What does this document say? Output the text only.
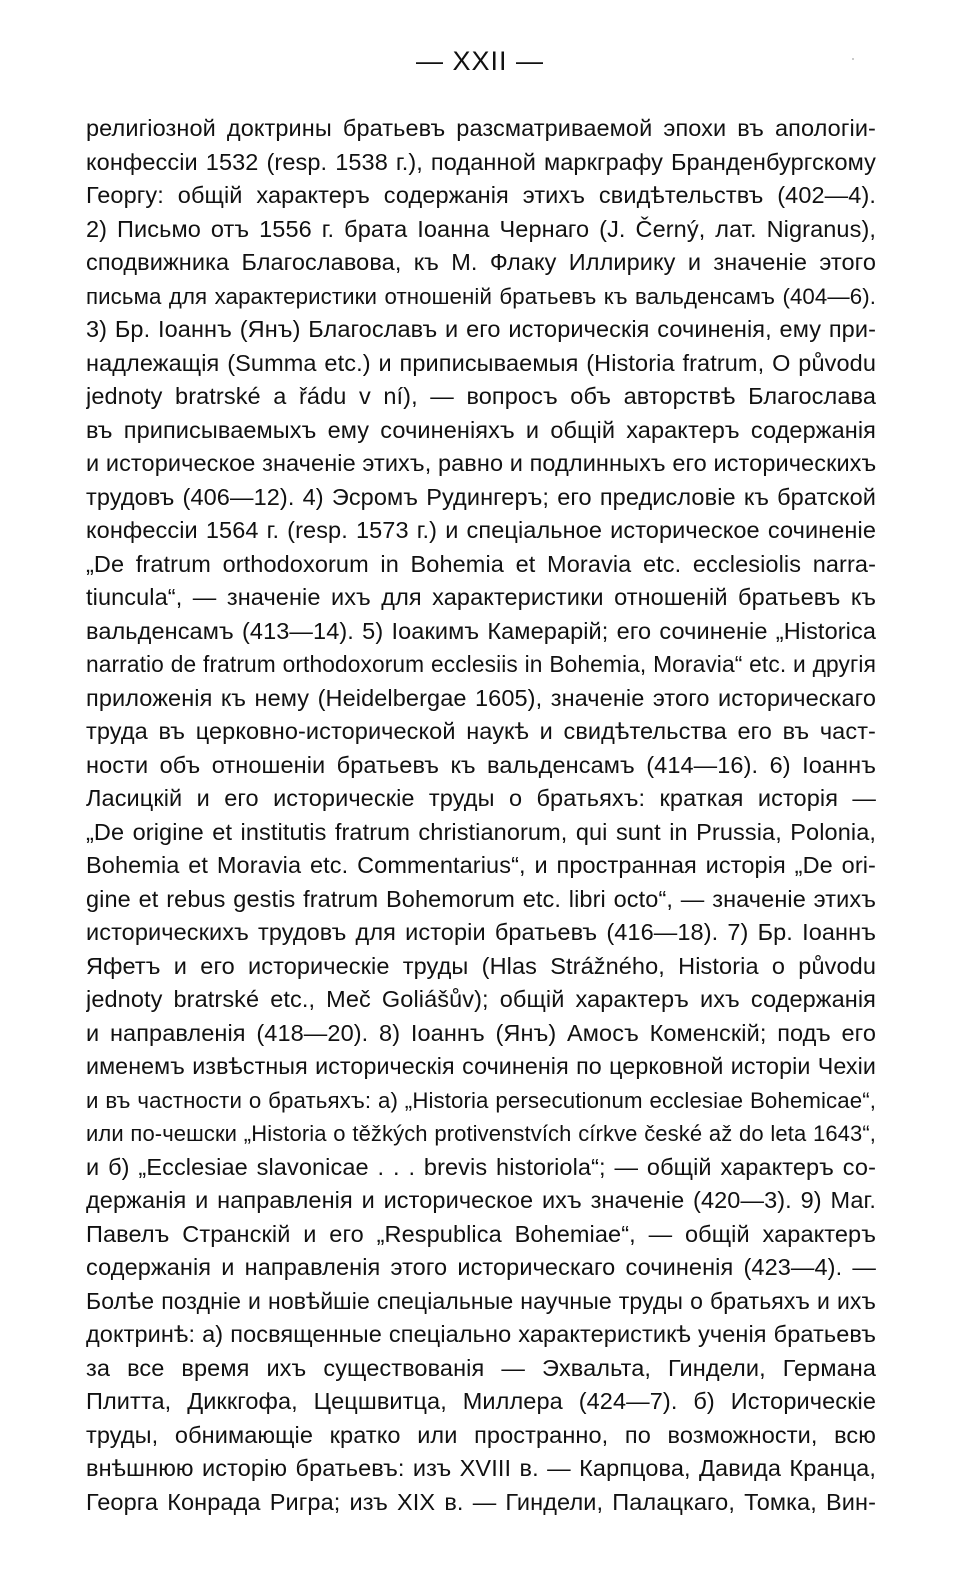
— XXII —
религіозной доктрины братьевъ разсматриваемой эпохи въ апологіи-
конфессіи 1532 (resp. 1538 г.), поданной маркграфу Бранденбургскому
Георгу: общій характеръ содержанія этихъ свидѣтельствъ (402—4).
2) Письмо отъ 1556 г. брата Іоанна Чернаго (J. Černý, лат. Nigranus),
сподвижника Благославова, къ М. Флаку Иллирику и значеніе этого
письма для характеристики отношеній братьевъ къ вальденсамъ (404—6).
3) Бр. Іоаннъ (Янъ) Благославъ и его историческія сочиненія, ему при-
надлежащія (Summa etc.) и приписываемыя (Historia fratrum, O původu
jednoty bratrské a řádu v ní), — вопросъ объ авторствѣ Благослава
въ приписываемыхъ ему сочиненіяхъ и общій характеръ содержанія
и историческое значеніе этихъ, равно и подлинныхъ его историческихъ
трудовъ (406—12). 4) Эсромъ Рудингеръ; его предисловіе къ братской
конфессіи 1564 г. (resp. 1573 г.) и спеціальное историческое сочиненіе
„De fratrum orthodoxorum in Bohemia et Moravia etc. ecclesiolis narra-
tiuncula“, — значеніе ихъ для характеристики отношеній братьевъ къ
вальденсамъ (413—14). 5) Іоакимъ Камерарій; его сочиненіе „Historica
narratio de fratrum orthodoxorum ecclesiis in Bohemia, Moravia“ etc. и другія
приложенія къ нему (Heidelbergae 1605), значеніе этого историческаго
труда въ церковно-исторической наукѣ и свидѣтельства его въ част-
ности объ отношеніи братьевъ къ вальденсамъ (414—16). 6) Іоаннъ
Ласицкій и его историческіе труды о братьяхъ: краткая исторія —
„De origine et institutis fratrum christianorum, qui sunt in Prussia, Polonia,
Bohemia et Moravia etc. Commentarius“, и пространная исторія „De ori-
gine et rebus gestis fratrum Bohemorum etc. libri octo“, — значеніе этихъ
историческихъ трудовъ для исторіи братьевъ (416—18). 7) Бр. Іоаннъ
Яфетъ и его историческіе труды (Hlas Strážného, Historia o původu
jednoty bratrské etc., Meč Goliášův); общій характеръ ихъ содержанія
и направленія (418—20). 8) Іоаннъ (Янъ) Амосъ Коменскій; подъ его
именемъ извѣстныя историческія сочиненія по церковной исторіи Чехіи
и въ частности о братьяхъ: а) „Historia persecutionum ecclesiae Bohemicae“,
или по-чешски „Historia o těžkých protivenstvích církve české až do leta 1643“,
и б) „Ecclesiae slavonicae . . . brevis historiola“; — общій характеръ со-
держанія и направленія и историческое ихъ значеніе (420—3). 9) Маг.
Павелъ Странскій и его „Respublica Bohemiae“, — общій характеръ
содержанія и направленія этого историческаго сочиненія (423—4). —
Болѣе поздніе и новѣйшіе спеціальные научные труды о братьяхъ и ихъ
доктринѣ: а) посвященные спеціально характеристикѣ ученія братьевъ
за все время ихъ существованія — Эхвальта, Гиндели, Германа
Плитта, Диккгофа, Цецшвитца, Миллера (424—7). б) Историческіе
труды, обнимающіе кратко или пространно, по возможности, всю
внѣшнюю исторію братьевъ: изъ XVIII в. — Карпцова, Давида Кранца,
Георга Конрада Ригра; изъ XIX в. — Гиндели, Палацкаго, Томка, Вин-
